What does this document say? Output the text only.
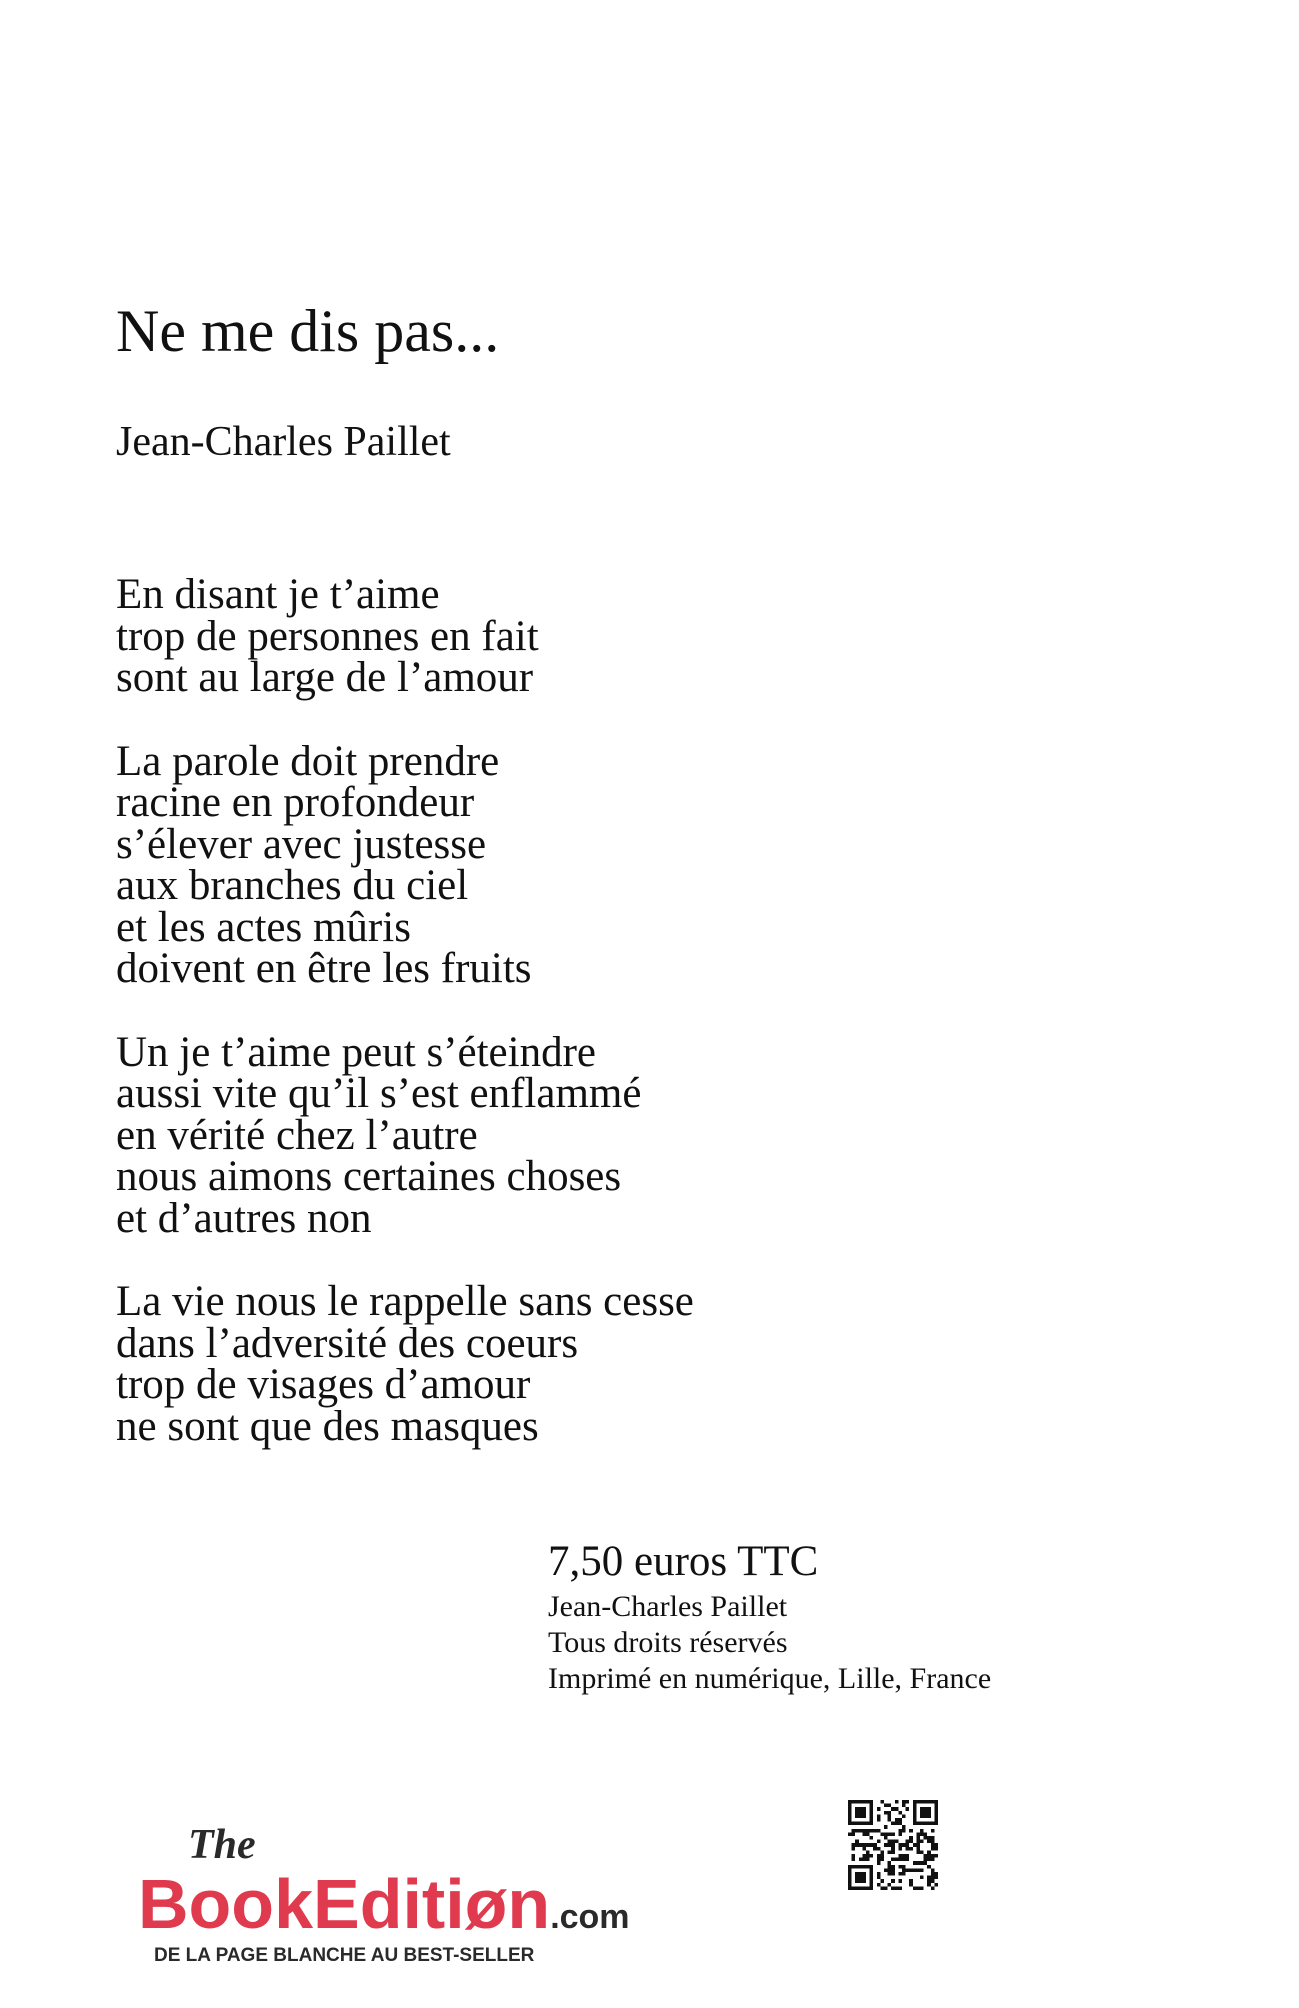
Ne me dis pas...
Jean-Charles Paillet
En disant je t’aime
trop de personnes en fait
sont au large de l’amour
La parole doit prendre
racine en profondeur
s’élever avec justesse
aux branches du ciel
et les actes mûris
doivent en être les fruits
Un je t’aime peut s’éteindre
aussi vite qu’il s’est enflammé
en vérité chez l’autre
nous aimons certaines choses
et d’autres non
La vie nous le rappelle sans cesse
dans l’adversité des coeurs
trop de visages d’amour
ne sont que des masques
7,50 euros TTC
Jean-Charles Paillet
Tous droits réservés
Imprimé en numérique, Lille, France
The
BookEditiøn.com
DE LA PAGE BLANCHE AU BEST-SELLER
